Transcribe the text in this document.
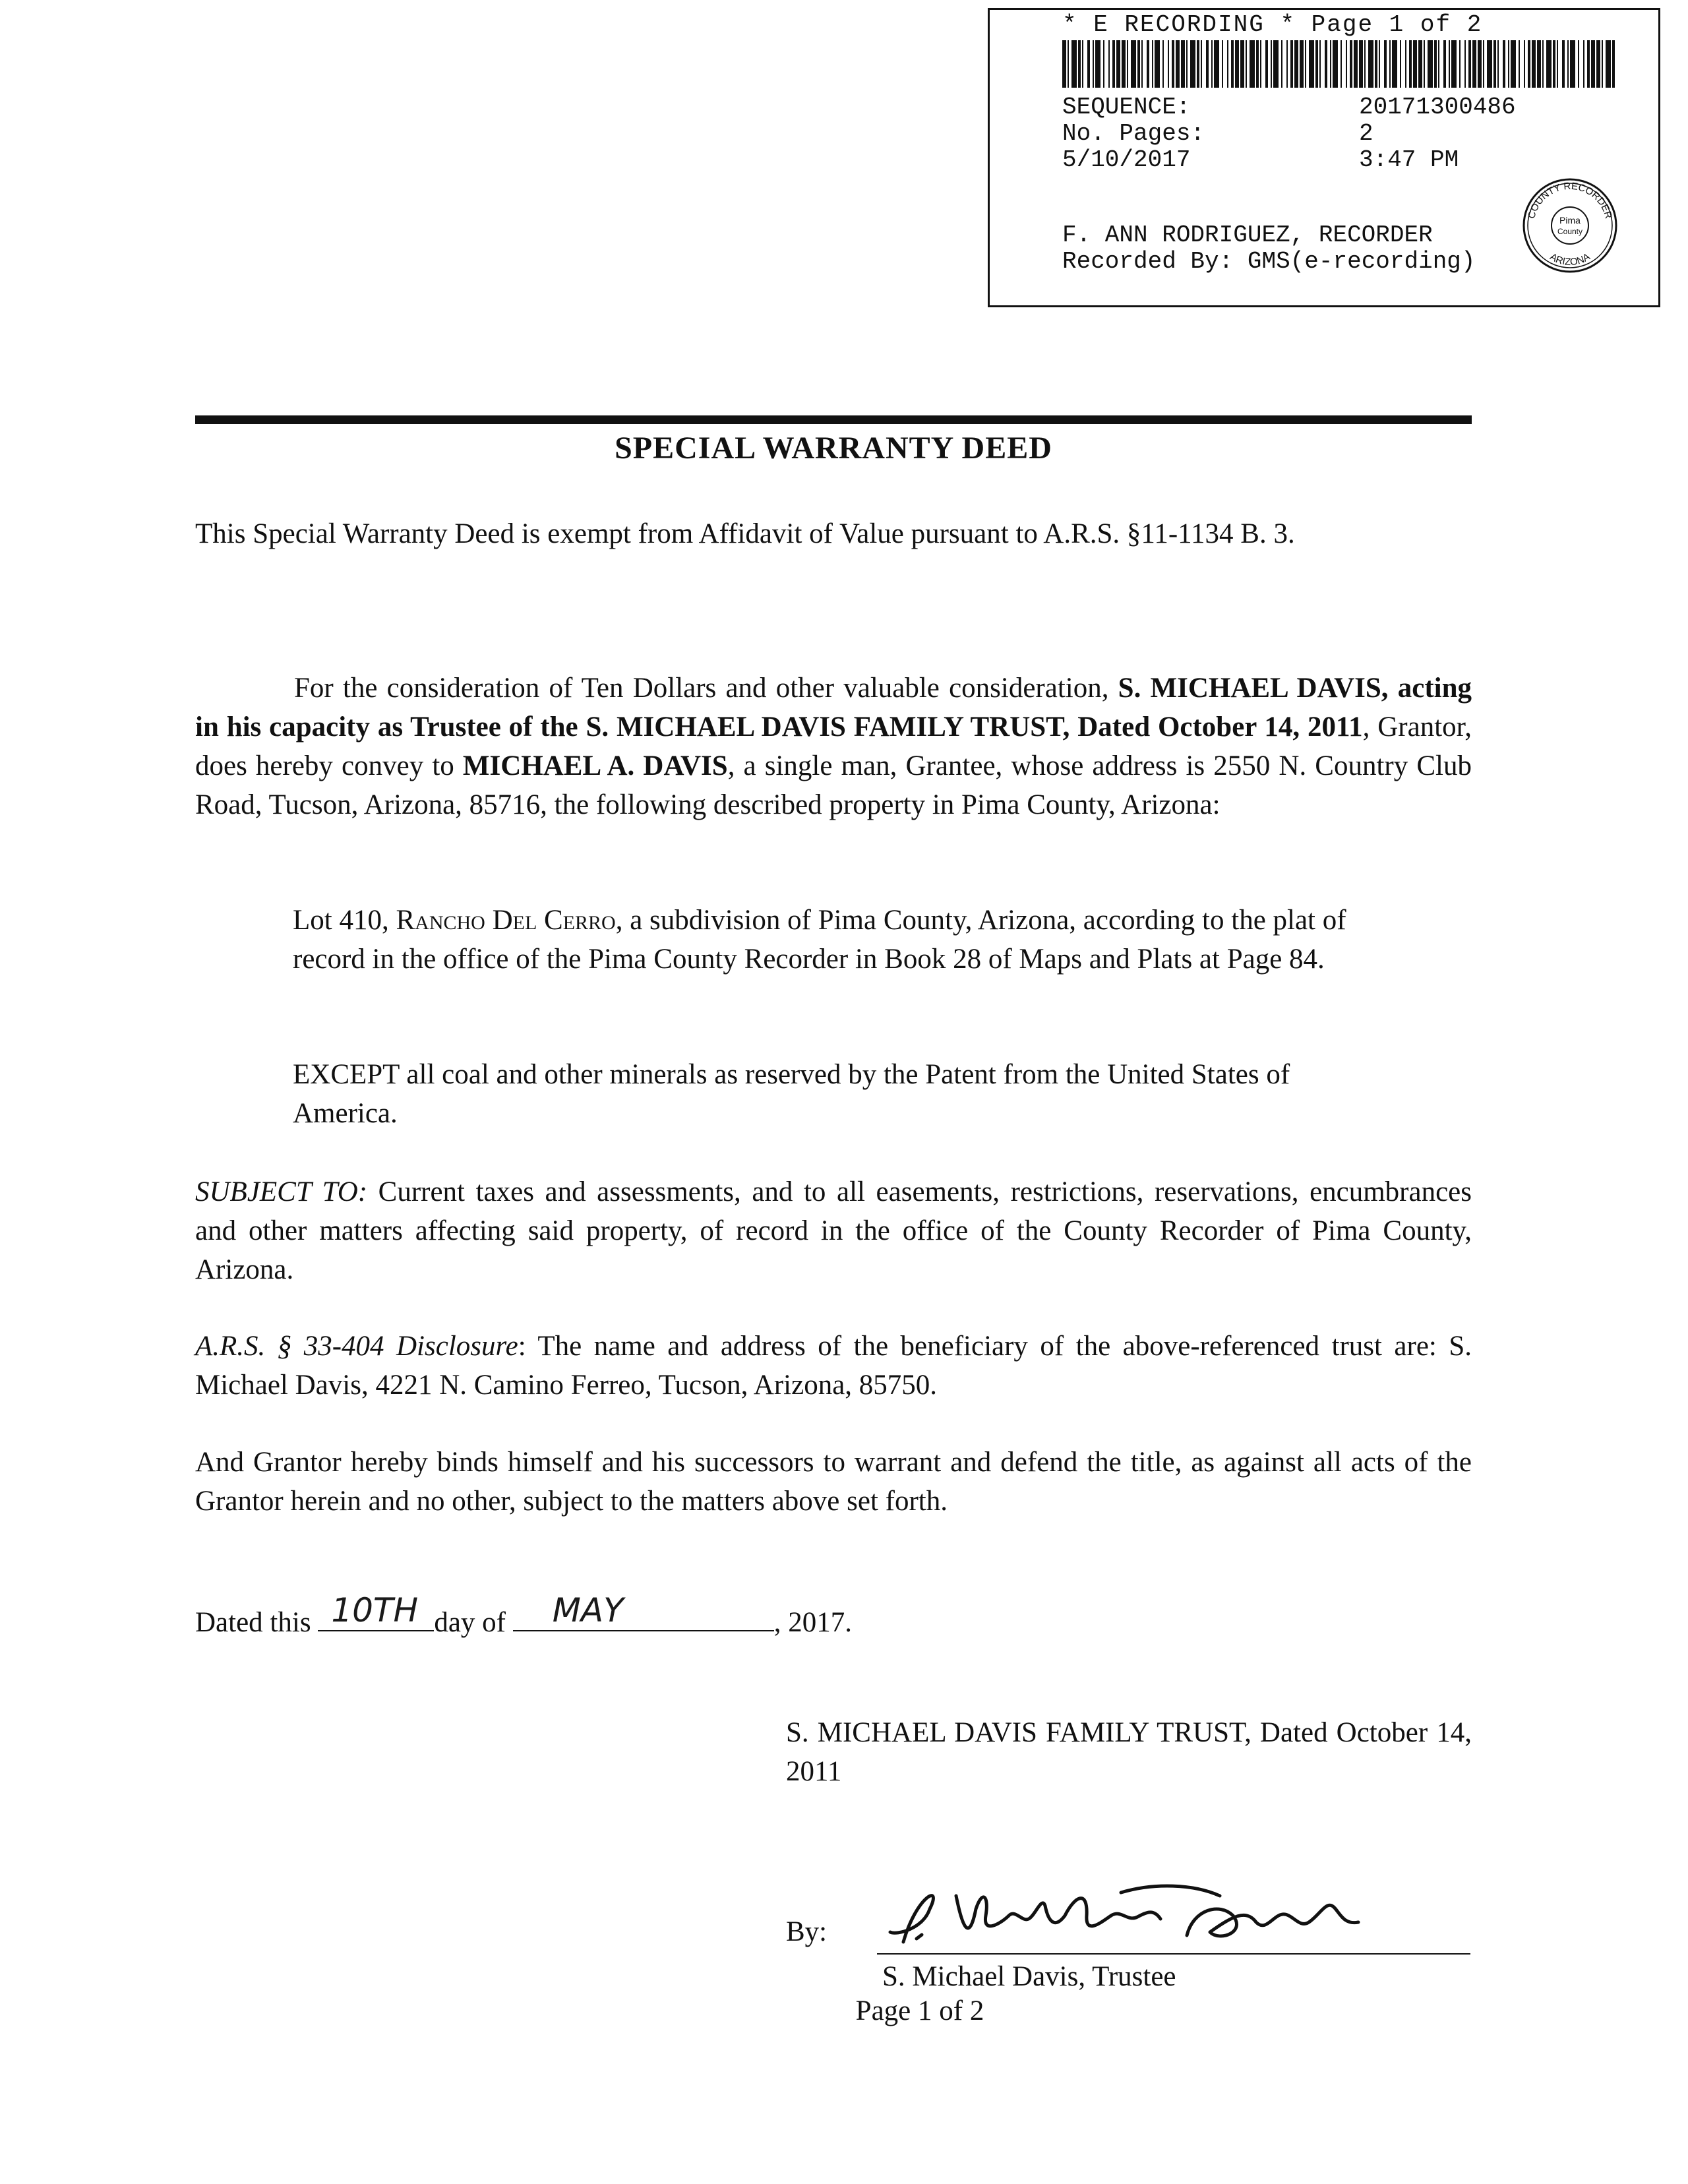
* E RECORDING * Page 1 of 2
SEQUENCE:	20171300486
No. Pages:	2
5/10/2017	3:47 PM
F. ANN RODRIGUEZ, RECORDER
Recorded By: GMS(e-recording)
COUNTY RECORDER
ARIZONA
Pima
County
SPECIAL WARRANTY DEED
This Special Warranty Deed is exempt from Affidavit of Value pursuant to A.R.S. §11-1134 B. 3.
For the consideration of Ten Dollars and other valuable consideration, S. MICHAEL DAVIS, acting in his capacity as Trustee of the S. MICHAEL DAVIS FAMILY TRUST, Dated October 14, 2011, Grantor, does hereby convey to MICHAEL A. DAVIS, a single man, Grantee, whose address is 2550 N. Country Club Road, Tucson, Arizona, 85716, the following described property in Pima County, Arizona:
Lot 410, Rancho Del Cerro, a subdivision of Pima County, Arizona, according to the plat of record in the office of the Pima County Recorder in Book 28 of Maps and Plats at Page 84.
EXCEPT all coal and other minerals as reserved by the Patent from the United States of America.
SUBJECT TO: Current taxes and assessments, and to all easements, restrictions, reservations, encumbrances and other matters affecting said property, of record in the office of the County Recorder of Pima County, Arizona.
A.R.S. § 33-404 Disclosure: The name and address of the beneficiary of the above-referenced trust are: S. Michael Davis, 4221 N. Camino Ferreo, Tucson, Arizona, 85750.
And Grantor hereby binds himself and his successors to warrant and defend the title, as against all acts of the Grantor herein and no other, subject to the matters above set forth.
Dated this 10TH day of MAY	, 2017.
S. MICHAEL DAVIS FAMILY TRUST, Dated October 14, 2011
By:
S. Michael Davis, Trustee
Page 1 of 2
